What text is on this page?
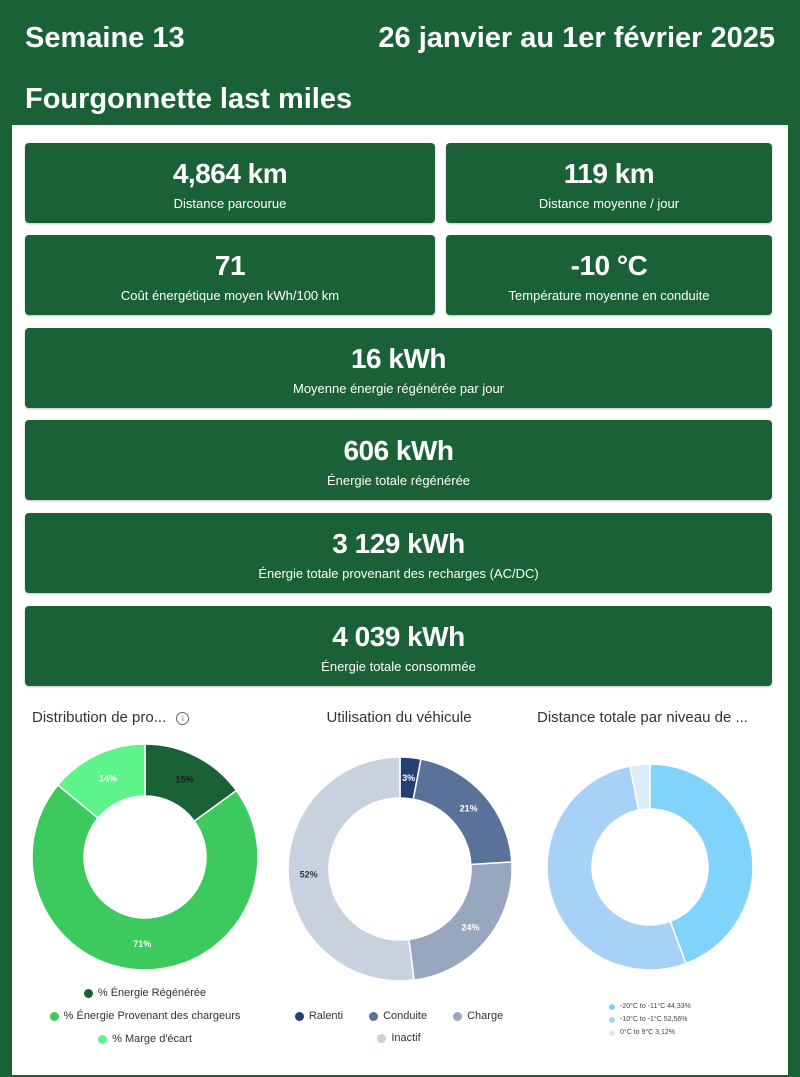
Semaine 13	26 janvier au 1er février 2025
Fourgonnette last miles
4,864 km
Distance parcourue
119 km
Distance moyenne / jour
71
Coût énergétique moyen kWh/100 km
-10 °C
Température moyenne en conduite
16 kWh
Moyenne énergie régénérée par jour
606 kWh
Énergie totale régénérée
3 129 kWh
Énergie totale provenant des recharges (AC/DC)
4 039 kWh
Énergie totale consommée
Distribution de pro... i
15%
71%
14%
% Énergie Régénérée
% Énergie Provenant des chargeurs
% Marge d'écart
Utilisation du véhicule
3%
21%
24%
52%
Ralenti	Conduite	Charge
Inactif
Distance totale par niveau de ...
-20°C to -11°C 44,33%
-10°C to -1°C 52,56%
0°C to 9°C 3,12%
